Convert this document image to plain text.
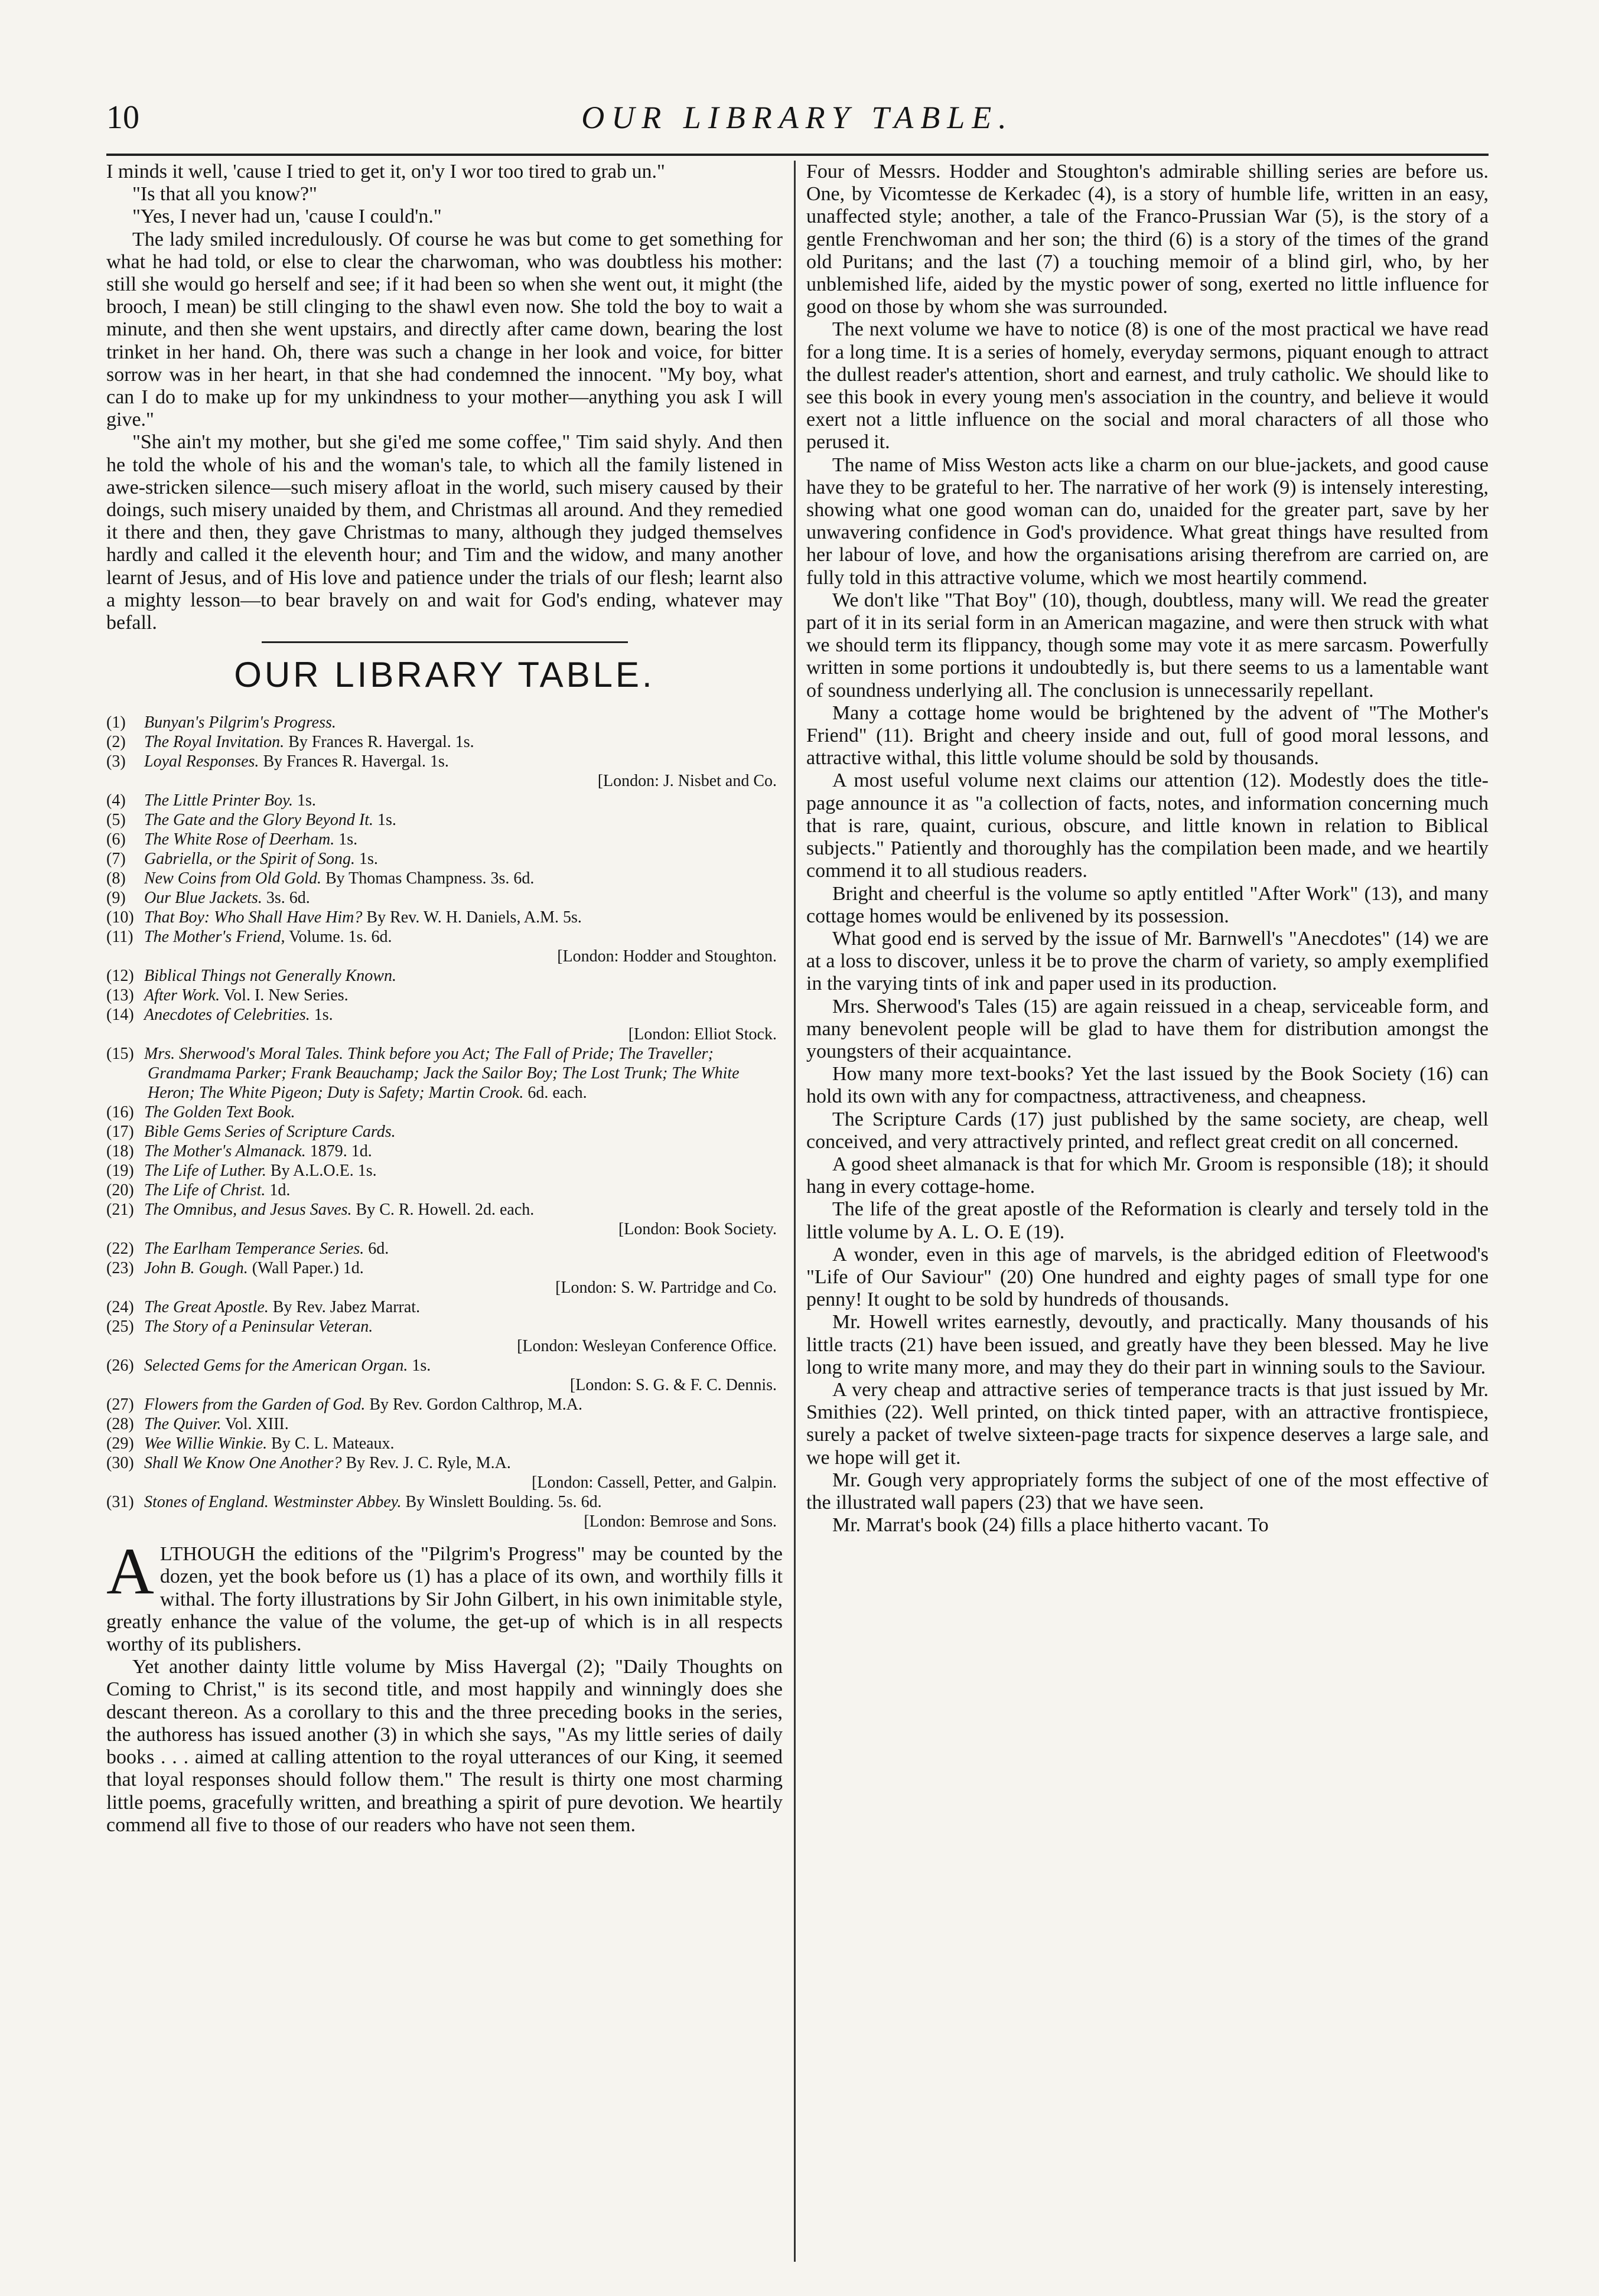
10	OUR LIBRARY TABLE.

I minds it well, 'cause I tried to get it, on'y I wor too tired to grab un."

"Is that all you know?"

"Yes, I never had un, 'cause I could'n."

The lady smiled incredulously. Of course he was but come to get something for what he had told, or else to clear the charwoman, who was doubtless his mother: still she would go herself and see; if it had been so when she went out, it might (the brooch, I mean) be still clinging to the shawl even now. She told the boy to wait a minute, and then she went upstairs, and directly after came down, bearing the lost trinket in her hand. Oh, there was such a change in her look and voice, for bitter sorrow was in her heart, in that she had condemned the innocent. "My boy, what can I do to make up for my unkindness to your mother—anything you ask I will give."

"She ain't my mother, but she gi'ed me some coffee," Tim said shyly. And then he told the whole of his and the woman's tale, to which all the family listened in awe-stricken silence—such misery afloat in the world, such misery caused by their doings, such misery unaided by them, and Christmas all around. And they remedied it there and then, they gave Christmas to many, although they judged themselves hardly and called it the eleventh hour; and Tim and the widow, and many another learnt of Jesus, and of His love and patience under the trials of our flesh; learnt also a mighty lesson—to bear bravely on and wait for God's ending, whatever may befall.

OUR LIBRARY TABLE.
(1) Bunyan's Pilgrim's Progress.
(2) The Royal Invitation. By Frances R. Havergal. 1s.
(3) Loyal Responses. By Frances R. Havergal. 1s.
[London: J. Nisbet and Co.
(4) The Little Printer Boy. 1s.
(5) The Gate and the Glory Beyond It. 1s.
(6) The White Rose of Deerham. 1s.
(7) Gabriella, or the Spirit of Song. 1s.
(8) New Coins from Old Gold. By Thomas Champness. 3s. 6d.
(9) Our Blue Jackets. 3s. 6d.
(10) That Boy: Who Shall Have Him? By Rev. W. H. Daniels, A.M. 5s.
(11) The Mother's Friend, Volume. 1s. 6d.
[London: Hodder and Stoughton.
(12) Biblical Things not Generally Known.
(13) After Work. Vol. I. New Series.
(14) Anecdotes of Celebrities. 1s.
[London: Elliot Stock.
(15) Mrs. Sherwood's Moral Tales. Think before you Act; The Fall of Pride; The Traveller; Grandmama Parker; Frank Beauchamp; Jack the Sailor Boy; The Lost Trunk; The White Heron; The White Pigeon; Duty is Safety; Martin Crook. 6d. each.
(16) The Golden Text Book.
(17) Bible Gems Series of Scripture Cards.
(18) The Mother's Almanack. 1879. 1d.
(19) The Life of Luther. By A.L.O.E. 1s.
(20) The Life of Christ. 1d.
(21) The Omnibus, and Jesus Saves. By C. R. Howell. 2d. each.
[London: Book Society.
(22) The Earlham Temperance Series. 6d.
(23) John B. Gough. (Wall Paper.) 1d.
[London: S. W. Partridge and Co.
(24) The Great Apostle. By Rev. Jabez Marrat.
(25) The Story of a Peninsular Veteran.
[London: Wesleyan Conference Office.
(26) Selected Gems for the American Organ. 1s.
[London: S. G. & F. C. Dennis.
(27) Flowers from the Garden of God. By Rev. Gordon Calthrop, M.A.
(28) The Quiver. Vol. XIII.
(29) Wee Willie Winkie. By C. L. Mateaux.
(30) Shall We Know One Another? By Rev. J. C. Ryle, M.A.
[London: Cassell, Petter, and Galpin.
(31) Stones of England. Westminster Abbey. By Winslett Boulding. 5s. 6d.
[London: Bemrose and Sons.

ALTHOUGH the editions of the "Pilgrim's Progress" may be counted by the dozen, yet the book before us (1) has a place of its own, and worthily fills it withal. The forty illustrations by Sir John Gilbert, in his own inimitable style, greatly enhance the value of the volume, the get-up of which is in all respects worthy of its publishers.

Yet another dainty little volume by Miss Havergal (2); "Daily Thoughts on Coming to Christ," is its second title, and most happily and winningly does she descant thereon. As a corollary to this and the three preceding books in the series, the authoress has issued another (3) in which she says, "As my little series of daily books . . . aimed at calling attention to the royal utterances of our King, it seemed that loyal responses should follow them." The result is thirty one most charming little poems, gracefully written, and breathing a spirit of pure devotion. We heartily commend all five to those of our readers who have not seen them.

Four of Messrs. Hodder and Stoughton's admirable shilling series are before us. One, by Vicomtesse de Kerkadec (4), is a story of humble life, written in an easy, unaffected style; another, a tale of the Franco-Prussian War (5), is the story of a gentle Frenchwoman and her son; the third (6) is a story of the times of the grand old Puritans; and the last (7) a touching memoir of a blind girl, who, by her unblemished life, aided by the mystic power of song, exerted no little influence for good on those by whom she was surrounded.

The next volume we have to notice (8) is one of the most practical we have read for a long time. It is a series of homely, everyday sermons, piquant enough to attract the dullest reader's attention, short and earnest, and truly catholic. We should like to see this book in every young men's association in the country, and believe it would exert not a little influence on the social and moral characters of all those who perused it.

The name of Miss Weston acts like a charm on our blue-jackets, and good cause have they to be grateful to her. The narrative of her work (9) is intensely interesting, showing what one good woman can do, unaided for the greater part, save by her unwavering confidence in God's providence. What great things have resulted from her labour of love, and how the organisations arising therefrom are carried on, are fully told in this attractive volume, which we most heartily commend.

We don't like "That Boy" (10), though, doubtless, many will. We read the greater part of it in its serial form in an American magazine, and were then struck with what we should term its flippancy, though some may vote it as mere sarcasm. Powerfully written in some portions it undoubtedly is, but there seems to us a lamentable want of soundness underlying all. The conclusion is unnecessarily repellant.

Many a cottage home would be brightened by the advent of "The Mother's Friend" (11). Bright and cheery inside and out, full of good moral lessons, and attractive withal, this little volume should be sold by thousands.

A most useful volume next claims our attention (12). Modestly does the title-page announce it as "a collection of facts, notes, and information concerning much that is rare, quaint, curious, obscure, and little known in relation to Biblical subjects." Patiently and thoroughly has the compilation been made, and we heartily commend it to all studious readers.

Bright and cheerful is the volume so aptly entitled "After Work" (13), and many cottage homes would be enlivened by its possession.

What good end is served by the issue of Mr. Barnwell's "Anecdotes" (14) we are at a loss to discover, unless it be to prove the charm of variety, so amply exemplified in the varying tints of ink and paper used in its production.

Mrs. Sherwood's Tales (15) are again reissued in a cheap, serviceable form, and many benevolent people will be glad to have them for distribution amongst the youngsters of their acquaintance.

How many more text-books? Yet the last issued by the Book Society (16) can hold its own with any for compactness, attractiveness, and cheapness.

The Scripture Cards (17) just published by the same society, are cheap, well conceived, and very attractively printed, and reflect great credit on all concerned.

A good sheet almanack is that for which Mr. Groom is responsible (18); it should hang in every cottage-home.

The life of the great apostle of the Reformation is clearly and tersely told in the little volume by A. L. O. E (19).

A wonder, even in this age of marvels, is the abridged edition of Fleetwood's "Life of Our Saviour" (20) One hundred and eighty pages of small type for one penny! It ought to be sold by hundreds of thousands.

Mr. Howell writes earnestly, devoutly, and practically. Many thousands of his little tracts (21) have been issued, and greatly have they been blessed. May he live long to write many more, and may they do their part in winning souls to the Saviour.

A very cheap and attractive series of temperance tracts is that just issued by Mr. Smithies (22). Well printed, on thick tinted paper, with an attractive frontispiece, surely a packet of twelve sixteen-page tracts for sixpence deserves a large sale, and we hope will get it.

Mr. Gough very appropriately forms the subject of one of the most effective of the illustrated wall papers (23) that we have seen.

Mr. Marrat's book (24) fills a place hitherto vacant. To
